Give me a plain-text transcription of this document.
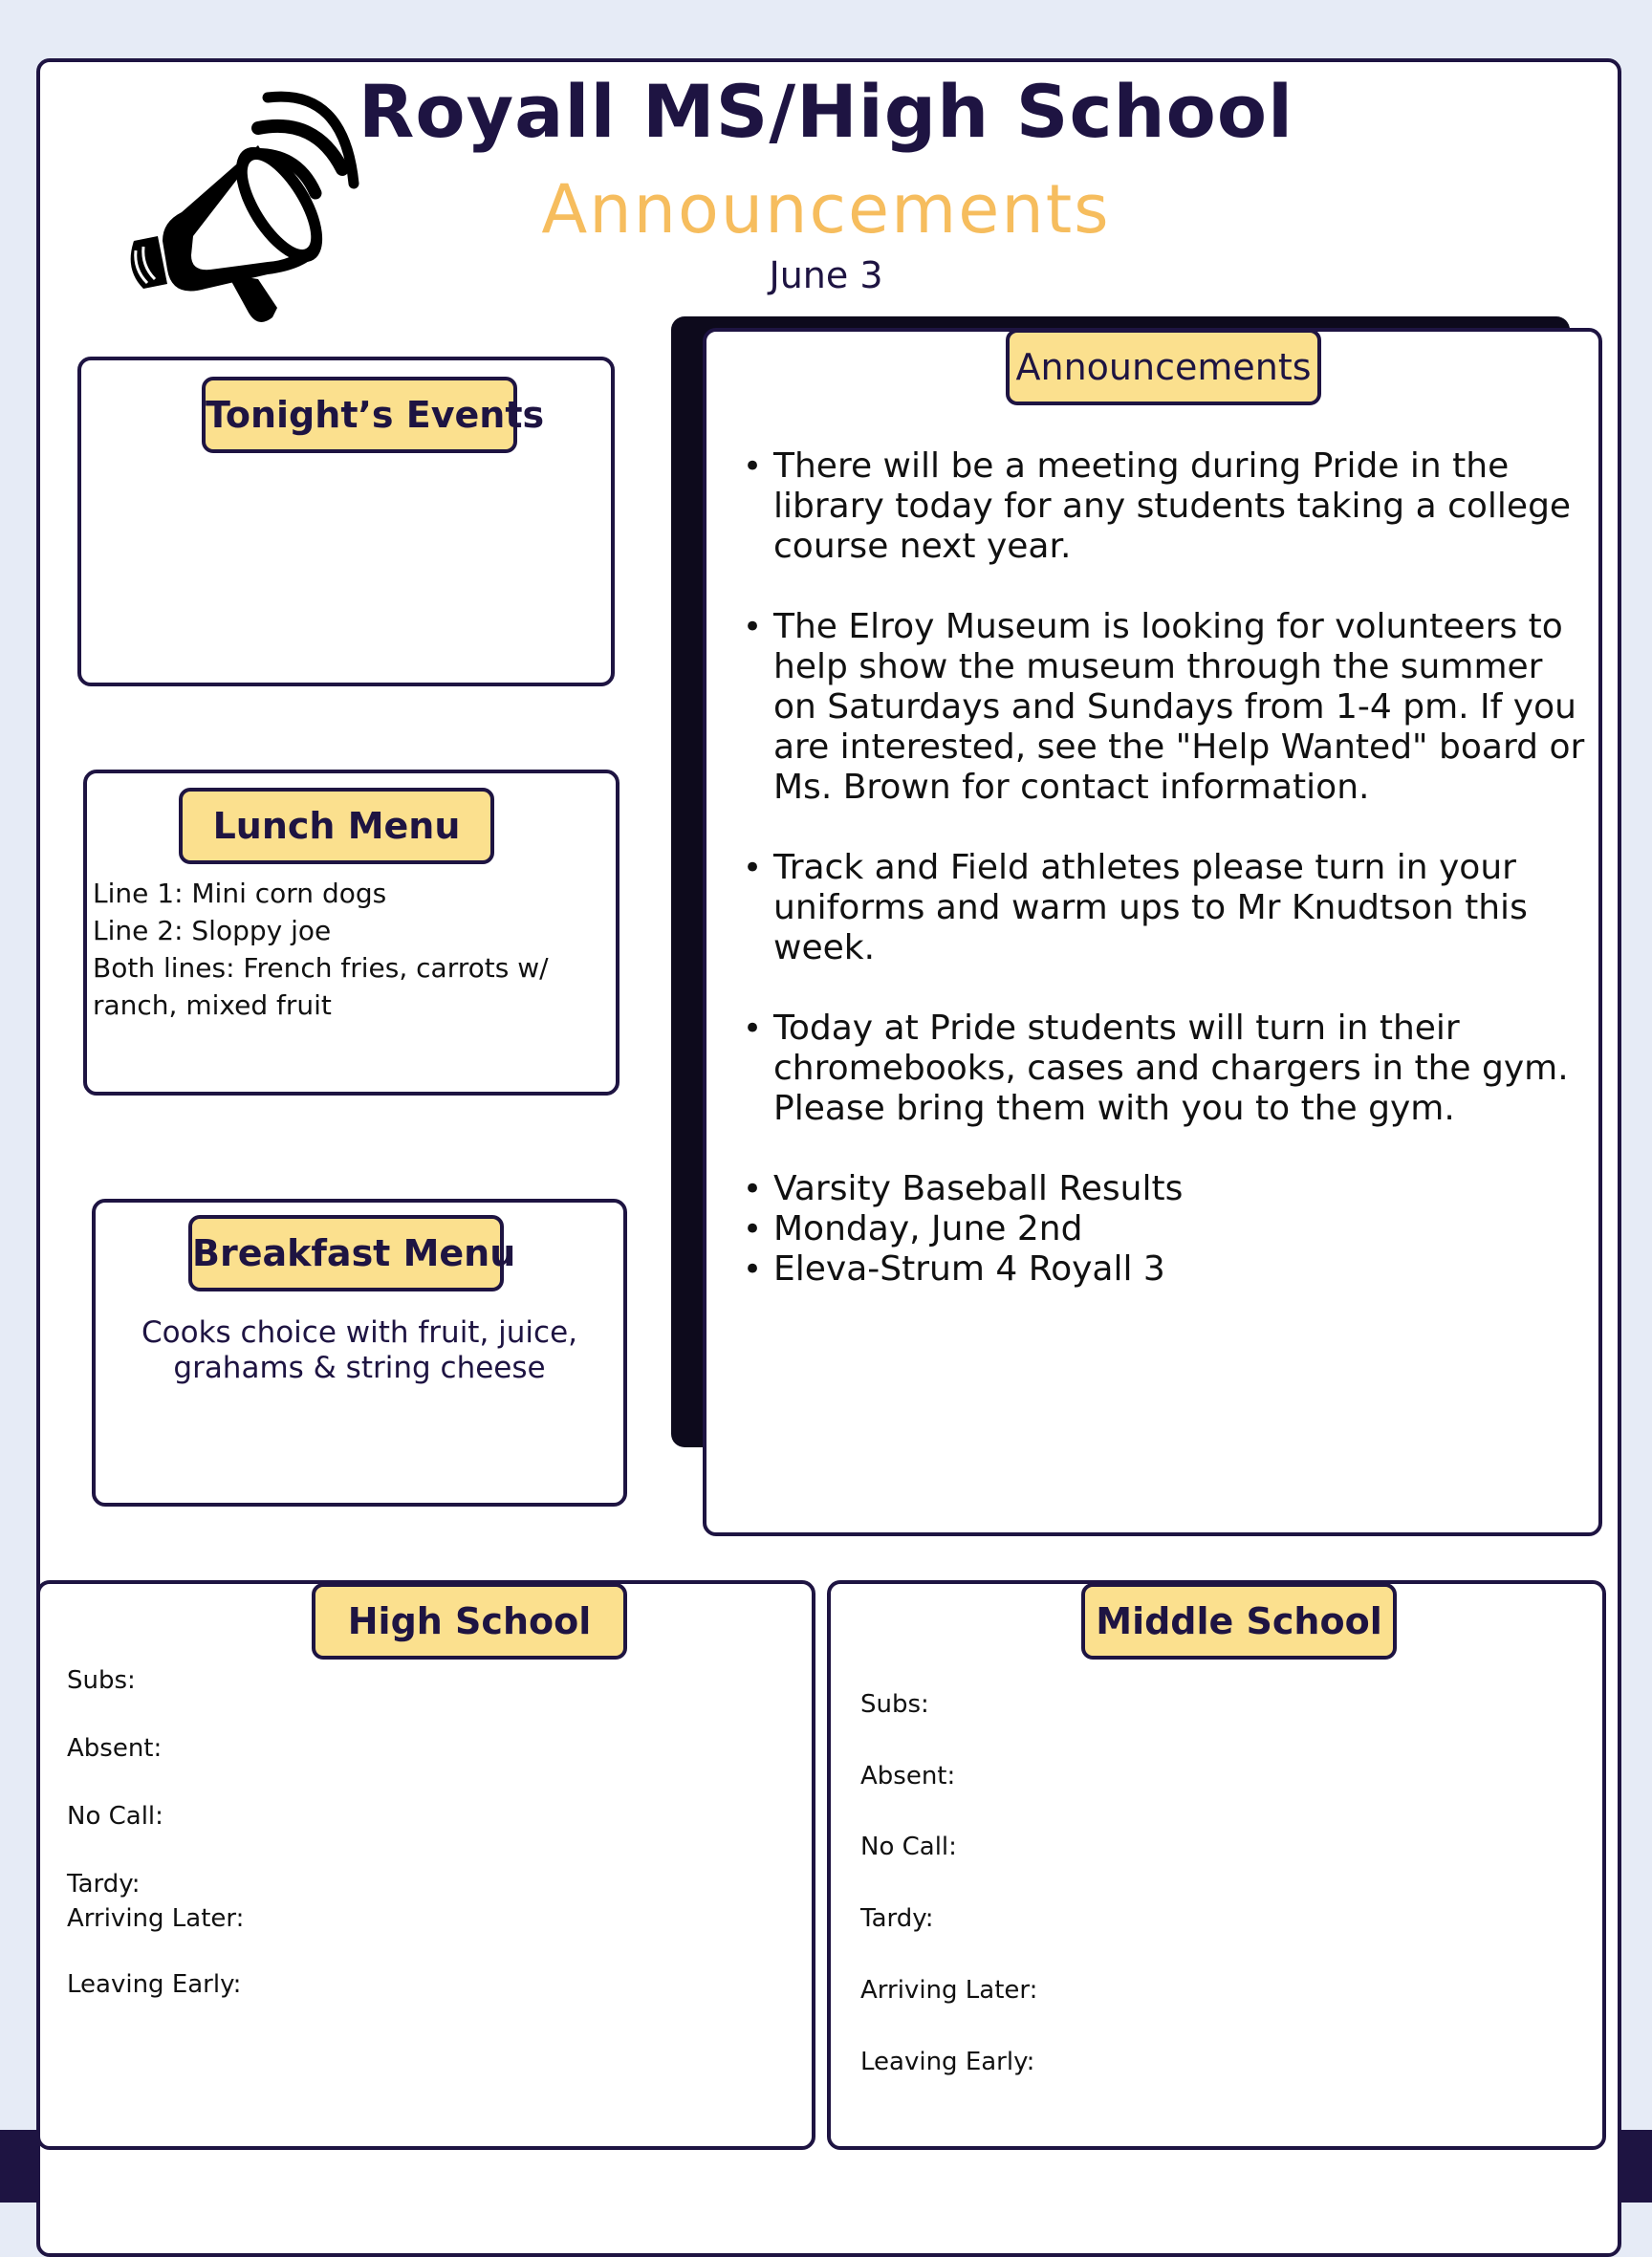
Royall MS/High School
Announcements
June 3
Tonight’s Events
Line 1: Mini corn dogs
Line 2: Sloppy joe
Both lines: French fries, carrots w/ ranch, mixed fruit
Lunch Menu
Cooks choice with fruit, juice, grahams & string cheese
Breakfast Menu
• There will be a meeting during Pride in the library today for any students taking a college course next year.
• The Elroy Museum is looking for volunteers to help show the museum through the summer on Saturdays and Sundays from 1-4 pm. If you are interested, see the "Help Wanted" board or Ms. Brown for contact information.
• Track and Field athletes please turn in your uniforms and warm ups to Mr Knudtson this week.
• Today at Pride students will turn in their chromebooks, cases and chargers in the gym. Please bring them with you to the gym.
• Varsity Baseball Results
• Monday, June 2nd
• Eleva-Strum 4 Royall 3
Announcements
Subs:
Absent:
No Call:
Tardy:
Arriving Later:
Leaving Early:
High School
Subs:
Absent:
No Call:
Tardy:
Arriving Later:
Leaving Early:
Middle School
